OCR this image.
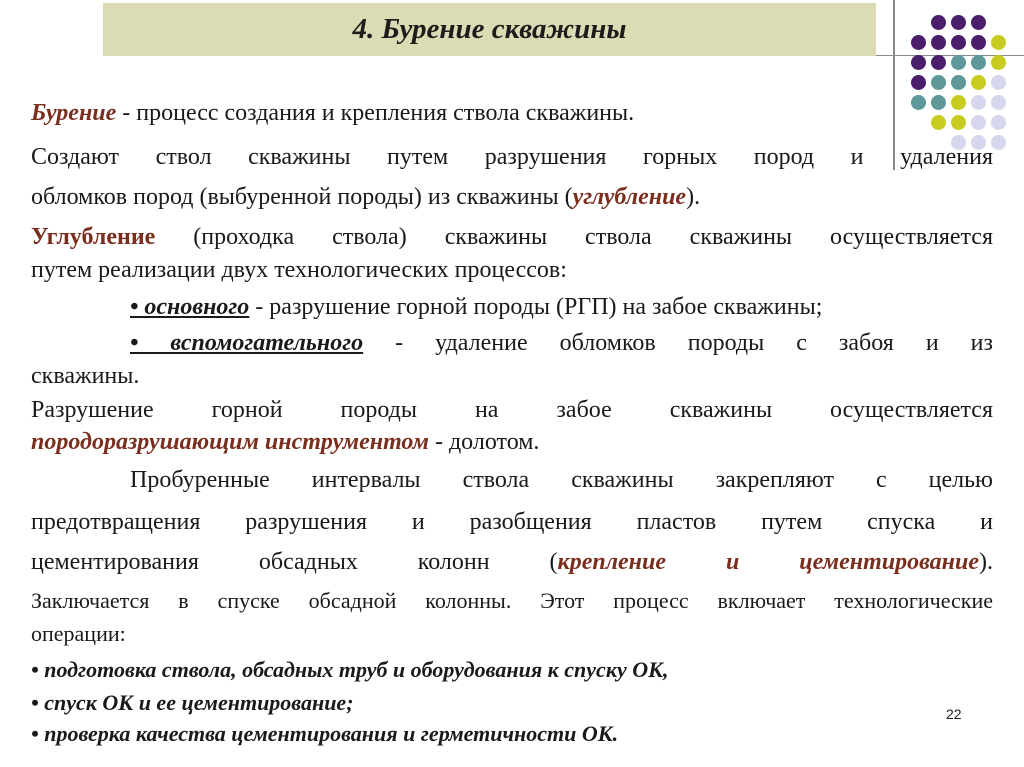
4. Бурение скважины
Бурение - процесс создания и крепления ствола скважины.
Создают ствол скважины путем разрушения горных пород и удаления
обломков пород (выбуренной породы) из скважины (углубление).
Углубление (проходка ствола) скважины ствола скважины осуществляется
путем реализации двух технологических процессов:
• основного - разрушение горной породы (РГП) на забое скважины;
• вспомогательного - удаление обломков породы с забоя и из
скважины.
Разрушение горной породы на забое скважины осуществляется
породоразрушающим инструментом - долотом.
Пробуренные интервалы ствола скважины закрепляют с целью
предотвращения разрушения и разобщения пластов путем спуска и
цементирования обсадных колонн (крепление и цементирование).
Заключается в спуске обсадной колонны. Этот процесс включает технологические
операции:
• подготовка ствола, обсадных труб и оборудования к спуску ОК,
• спуск ОК и ее цементирование;
• проверка качества цементирования и герметичности ОК.
22
